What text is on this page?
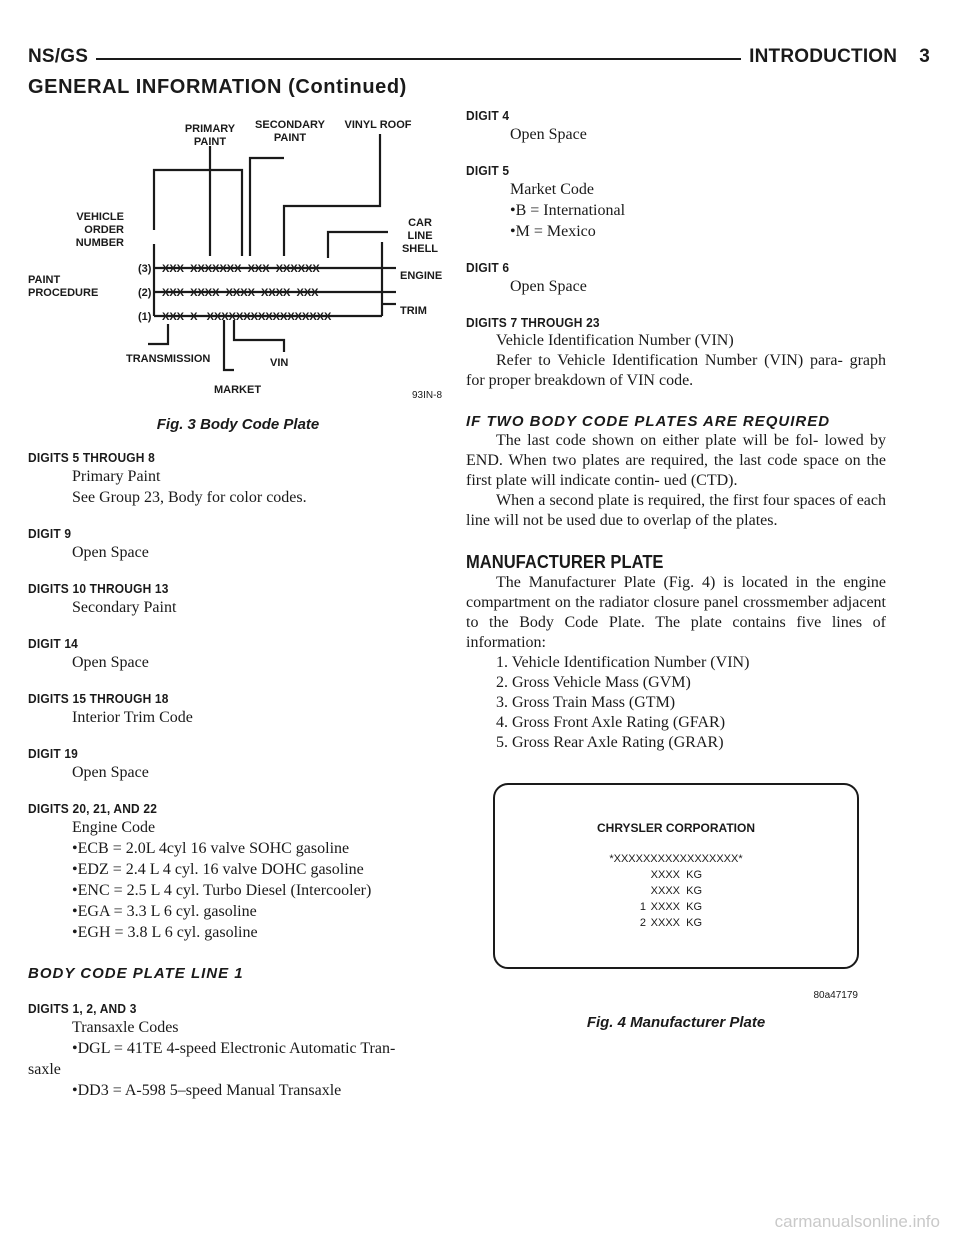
NS/GS	INTRODUCTION 3
GENERAL INFORMATION (Continued)
PRIMARY
PAINT
SECONDARY
PAINT
VINYL ROOF
VEHICLE
ORDER
NUMBER
CAR
LINE
SHELL
ENGINE
PAINT
PROCEDURE
TRIM
TRANSMISSION	VIN
MARKET
(3)
(2)
(1)
XXX  XXXXXXX  XXX  XXXXXX
XXX  XXXX  XXXX  XXXX  XXX
XXX  X   XXXXXXXXXXXXXXXXX
93IN-8
Fig. 3 Body Code Plate
DIGITS 5 THROUGH 8
Primary Paint
See Group 23, Body for color codes.
DIGIT 9
Open Space
DIGITS 10 THROUGH 13
Secondary Paint
DIGIT 14
Open Space
DIGITS 15 THROUGH 18
Interior Trim Code
DIGIT 19
Open Space
DIGITS 20, 21, AND 22
Engine Code
•ECB = 2.0L 4cyl 16 valve SOHC gasoline
•EDZ = 2.4 L 4 cyl. 16 valve DOHC gasoline
•ENC = 2.5 L 4 cyl. Turbo Diesel (Intercooler)
•EGA = 3.3 L 6 cyl. gasoline
•EGH = 3.8 L 6 cyl. gasoline
BODY CODE PLATE LINE 1
DIGITS 1, 2, AND 3
Transaxle Codes
•DGL = 41TE 4-speed Electronic Automatic Tran-
saxle
•DD3 = A-598 5–speed Manual Transaxle
DIGIT 4
Open Space
DIGIT 5
Market Code
•B = International
•M = Mexico
DIGIT 6
Open Space
DIGITS 7 THROUGH 23
Vehicle Identification Number (VIN)
Refer to Vehicle Identification Number (VIN) para- graph for proper breakdown of VIN code.
IF TWO BODY CODE PLATES ARE REQUIRED
The last code shown on either plate will be fol- lowed by END. When two plates are required, the last code space on the first plate will indicate contin- ued (CTD).
When a second plate is required, the first four spaces of each line will not be used due to overlap of the plates.
MANUFACTURER PLATE
The Manufacturer Plate (Fig. 4) is located in the engine compartment on the radiator closure panel crossmember adjacent to the Body Code Plate. The plate contains five lines of information:
1. Vehicle Identification Number (VIN)
2. Gross Vehicle Mass (GVM)
3. Gross Train Mass (GTM)
4. Gross Front Axle Rating (GFAR)
5. Gross Rear Axle Rating (GRAR)
CHRYSLER CORPORATION
*XXXXXXXXXXXXXXXXX*
XXXX  KG
XXXX  KG
1 XXXX  KG
2 XXXX  KG
80a47179
Fig. 4 Manufacturer Plate
carmanualsonline.info
